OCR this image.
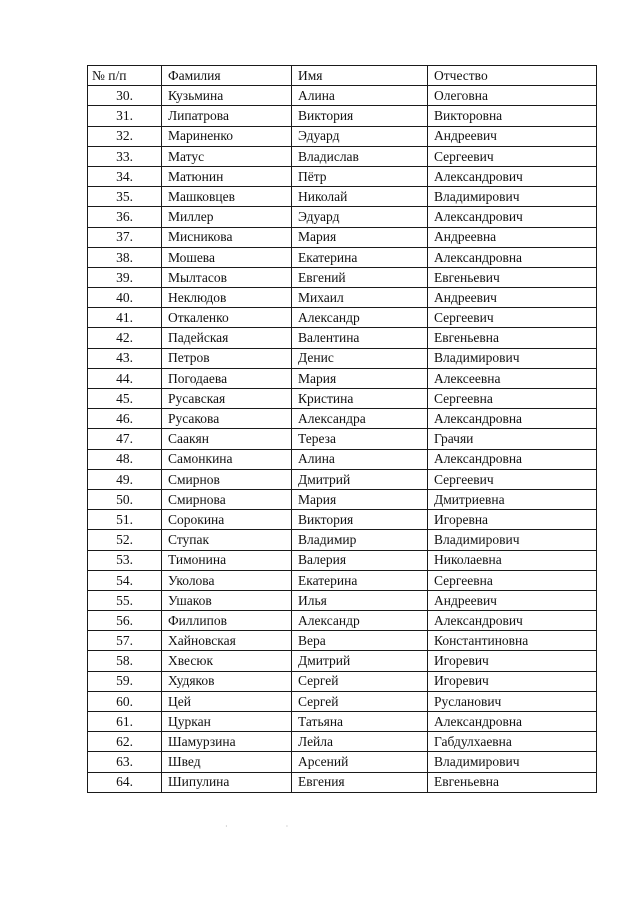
№ п/п	Фамилия	Имя	Отчество
30.	Кузьмина	Алина	Олеговна
31.	Липатрова	Виктория	Викторовна
32.	Мариненко	Эдуард	Андреевич
33.	Матус	Владислав	Сергеевич
34.	Матюнин	Пётр	Александрович
35.	Машковцев	Николай	Владимирович
36.	Миллер	Эдуард	Александрович
37.	Мисникова	Мария	Андреевна
38.	Мошева	Екатерина	Александровна
39.	Мылтасов	Евгений	Евгеньевич
40.	Неклюдов	Михаил	Андреевич
41.	Откаленко	Александр	Сергеевич
42.	Падейская	Валентина	Евгеньевна
43.	Петров	Денис	Владимирович
44.	Погодаева	Мария	Алексеевна
45.	Русавская	Кристина	Сергеевна
46.	Русакова	Александра	Александровна
47.	Саакян	Тереза	Грачяи
48.	Самонкина	Алина	Александровна
49.	Смирнов	Дмитрий	Сергеевич
50.	Смирнова	Мария	Дмитриевна
51.	Сорокина	Виктория	Игоревна
52.	Ступак	Владимир	Владимирович
53.	Тимонина	Валерия	Николаевна
54.	Уколова	Екатерина	Сергеевна
55.	Ушаков	Илья	Андреевич
56.	Филлипов	Александр	Александрович
57.	Хайновская	Вера	Константиновна
58.	Хвесюк	Дмитрий	Игоревич
59.	Худяков	Сергей	Игоревич
60.	Цей	Сергей	Русланович
61.	Цуркан	Татьяна	Александровна
62.	Шамурзина	Лейла	Габдулхаевна
63.	Швед	Арсений	Владимирович
64.	Шипулина	Евгения	Евгеньевна
·                             ·
